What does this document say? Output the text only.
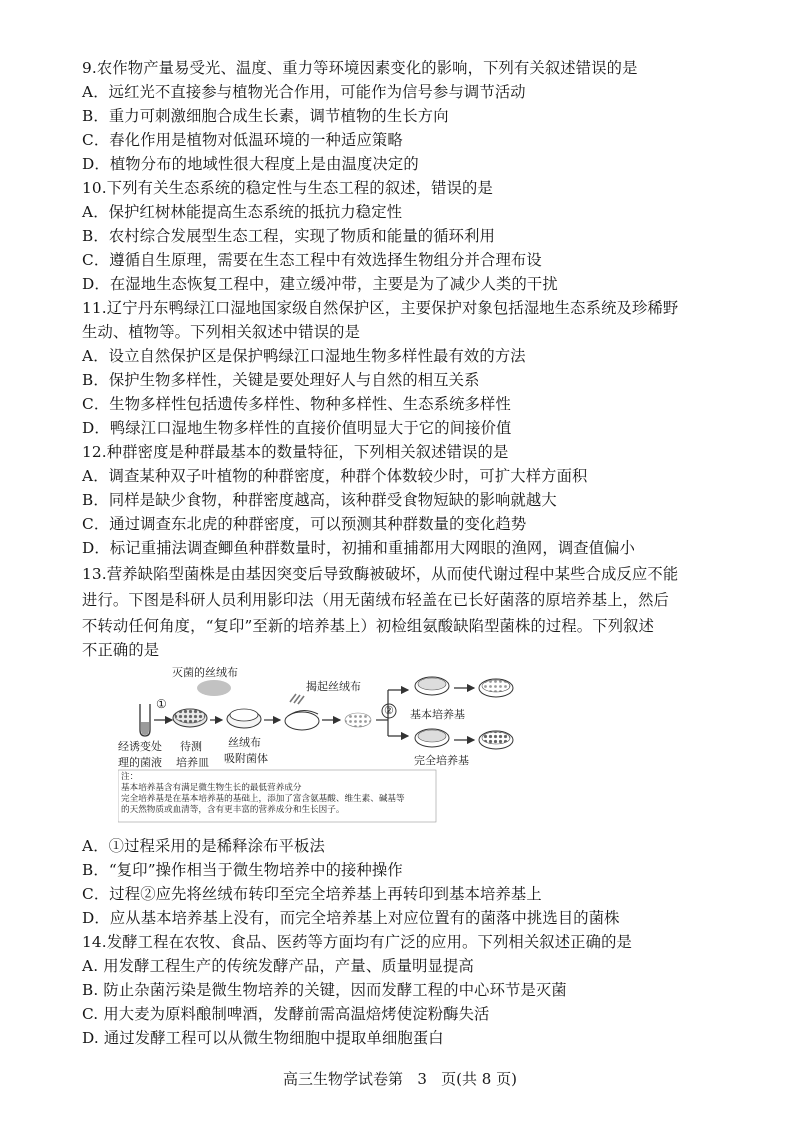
9.农作物产量易受光、温度、重力等环境因素变化的影响，下列有关叙述错误的是
A．远红光不直接参与植物光合作用，可能作为信号参与调节活动
B．重力可刺激细胞合成生长素，调节植物的生长方向
C．春化作用是植物对低温环境的一种适应策略
D．植物分布的地域性很大程度上是由温度决定的
10.下列有关生态系统的稳定性与生态工程的叙述，错误的是
A．保护红树林能提高生态系统的抵抗力稳定性
B．农村综合发展型生态工程，实现了物质和能量的循环利用
C．遵循自生原理，需要在生态工程中有效选择生物组分并合理布设
D．在湿地生态恢复工程中，建立缓冲带，主要是为了减少人类的干扰
11.辽宁丹东鸭绿江口湿地国家级自然保护区，主要保护对象包括湿地生态系统及珍稀野
生动、植物等。下列相关叙述中错误的是
A．设立自然保护区是保护鸭绿江口湿地生物多样性最有效的方法
B．保护生物多样性，关键是要处理好人与自然的相互关系
C．生物多样性包括遗传多样性、物种多样性、生态系统多样性
D．鸭绿江口湿地生物多样性的直接价值明显大于它的间接价值
12.种群密度是种群最基本的数量特征，下列相关叙述错误的是
A．调查某种双子叶植物的种群密度，种群个体数较少时，可扩大样方面积
B．同样是缺少食物，种群密度越高，该种群受食物短缺的影响就越大
C．通过调查东北虎的种群密度，可以预测其种群数量的变化趋势
D．标记重捕法调查鲫鱼种群数量时，初捕和重捕都用大网眼的渔网，调查值偏小
13.营养缺陷型菌株是由基因突变后导致酶被破坏，从而使代谢过程中某些合成反应不能
进行。下图是科研人员利用影印法（用无菌绒布轻盖在已长好菌落的原培养基上，然后
不转动任何角度，“复印”至新的培养基上）初检组氨酸缺陷型菌株的过程。下列叙述
不正确的是
灭菌的丝绒布
揭起丝绒布
①	② 基本培养基
完全培养基
经诱变处
理的菌液
待测
培养皿
丝绒布
吸附菌体
注：
基本培养基含有满足微生物生长的最低营养成分
完全培养基是在基本培养基的基础上，添加了富含氨基酸、维生素、碱基等
的天然物质或血清等，含有更丰富的营养成分和生长因子。
A．①过程采用的是稀释涂布平板法
B．“复印”操作相当于微生物培养中的接种操作
C．过程②应先将丝绒布转印至完全培养基上再转印到基本培养基上
D．应从基本培养基上没有，而完全培养基上对应位置有的菌落中挑选目的菌株
14.发酵工程在农牧、食品、医药等方面均有广泛的应用。下列相关叙述正确的是
A. 用发酵工程生产的传统发酵产品，产量、质量明显提高
B. 防止杂菌污染是微生物培养的关键，因而发酵工程的中心环节是灭菌
C. 用大麦为原料酿制啤酒，发酵前需高温焙烤使淀粉酶失活
D. 通过发酵工程可以从微生物细胞中提取单细胞蛋白
高三生物学试卷第   3   页(共 8 页)
